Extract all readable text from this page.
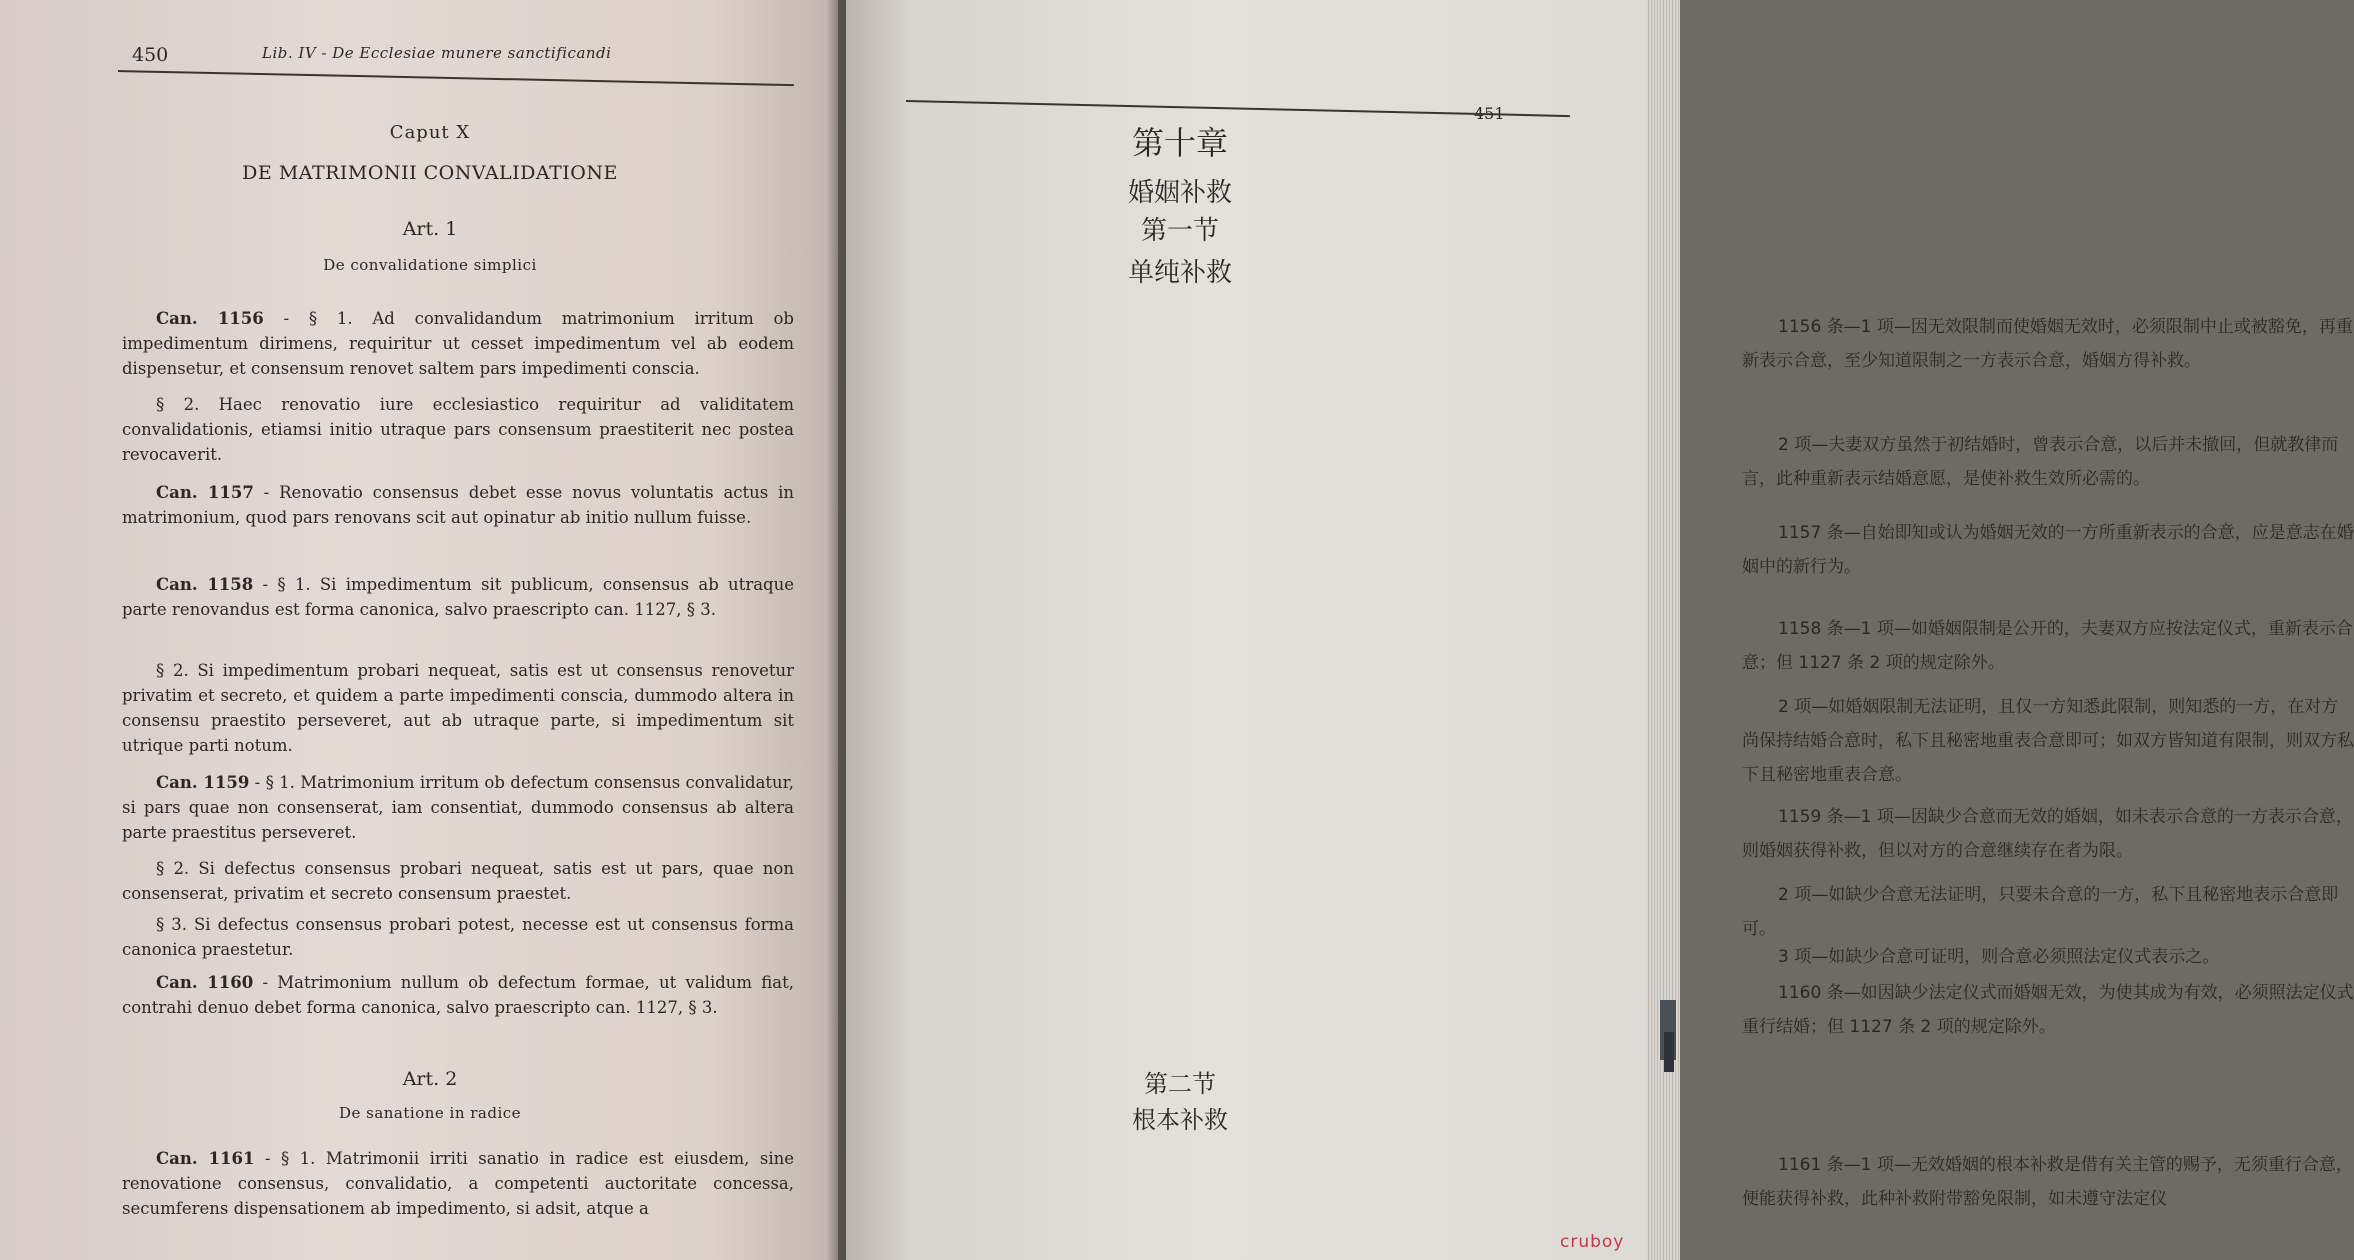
450	Lib. IV - De Ecclesiae munere sanctificandi
Caput X
DE MATRIMONII CONVALIDATIONE
Art. 1
De convalidatione simplici
Can. 1156 - § 1. Ad convalidandum matrimonium irritum ob impedimentum dirimens, requiritur ut cesset impedimentum vel ab eodem dispensetur, et consensum renovet saltem pars impedimenti conscia.
§ 2. Haec renovatio iure ecclesiastico requiritur ad validitatem convalidationis, etiamsi initio utraque pars consensum praestiterit nec postea revocaverit.
Can. 1157 - Renovatio consensus debet esse novus voluntatis actus in matrimonium, quod pars renovans scit aut opinatur ab initio nullum fuisse.
Can. 1158 - § 1. Si impedimentum sit publicum, consensus ab utraque parte renovandus est forma canonica, salvo praescripto can. 1127, § 3.
§ 2. Si impedimentum probari nequeat, satis est ut consensus renovetur privatim et secreto, et quidem a parte impedimenti conscia, dummodo altera in consensu praestito perseveret, aut ab utraque parte, si impedimentum sit utrique parti notum.
Can. 1159 - § 1. Matrimonium irritum ob defectum consensus convalidatur, si pars quae non consenserat, iam consentiat, dummodo consensus ab altera parte praestitus perseveret.
§ 2. Si defectus consensus probari nequeat, satis est ut pars, quae non consenserat, privatim et secreto consensum praestet.
§ 3. Si defectus consensus probari potest, necesse est ut consensus forma canonica praestetur.
Can. 1160 - Matrimonium nullum ob defectum formae, ut validum fiat, contrahi denuo debet forma canonica, salvo praescripto can. 1127, § 3.
Art. 2
De sanatione in radice
Can. 1161 - § 1. Matrimonii irriti sanatio in radice est eiusdem, sine renovatione consensus, convalidatio, a competenti auctoritate concessa, secumferens dispensationem ab impedimento, si adsit, atque a
第十章
婚姻补救
第一节
单纯补救
1156 条—1 项—因无效限制而使婚姻无效时，必须限制中止或被豁免，再重新表示合意，至少知道限制之一方表示合意，婚姻方得补救。
2 项—夫妻双方虽然于初结婚时，曾表示合意，以后并未撤回，但就教律而言，此种重新表示结婚意愿，是使补救生效所必需的。
1157 条—自始即知或认为婚姻无效的一方所重新表示的合意，应是意志在婚姻中的新行为。
1158 条—1 项—如婚姻限制是公开的，夫妻双方应按法定仪式，重新表示合意；但 1127 条 2 项的规定除外。
2 项—如婚姻限制无法证明，且仅一方知悉此限制，则知悉的一方，在对方尚保持结婚合意时，私下且秘密地重表合意即可；如双方皆知道有限制，则双方私下且秘密地重表合意。
1159 条—1 项—因缺少合意而无效的婚姻，如未表示合意的一方表示合意，则婚姻获得补救，但以对方的合意继续存在者为限。
2 项—如缺少合意无法证明，只要未合意的一方，私下且秘密地表示合意即可。
3 项—如缺少合意可证明，则合意必须照法定仪式表示之。
1160 条—如因缺少法定仪式而婚姻无效，为使其成为有效，必须照法定仪式重行结婚；但 1127 条 2 项的规定除外。
第二节
根本补救
1161 条—1 项—无效婚姻的根本补救是借有关主管的赐予，无须重行合意，便能获得补救，此种补救附带豁免限制，如未遵守法定仪
cruboy
